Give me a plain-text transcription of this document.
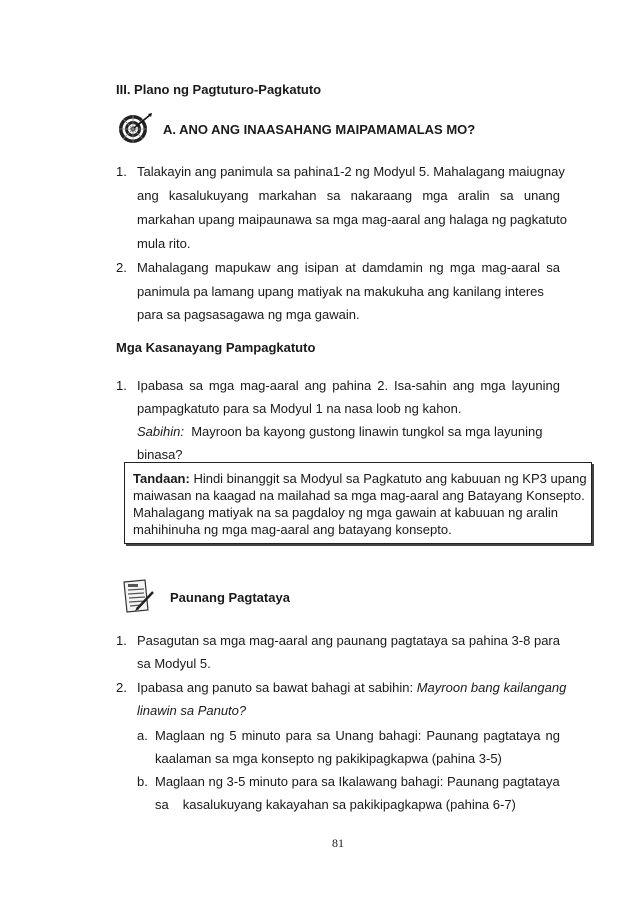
III. Plano ng Pagtuturo-Pagkatuto
A. ANO ANG INAASAHANG MAIPAMAMALAS MO?
1. Talakayin ang panimula sa pahina1-2 ng Modyul 5. Mahalagang maiugnay
ang kasalukuyang markahan sa nakaraang mga aralin sa unang
markahan upang maipaunawa sa mga mag-aaral ang halaga ng pagkatuto
mula rito.
2. Mahalagang mapukaw ang isipan at damdamin ng mga mag-aaral sa
panimula pa lamang upang matiyak na makukuha ang kanilang interes
para sa pagsasagawa ng mga gawain.
Mga Kasanayang Pampagkatuto
1. Ipabasa sa mga mag-aaral ang pahina 2. Isa-sahin ang mga layuning
pampagkatuto para sa Modyul 1 na nasa loob ng kahon.
Sabihin: Mayroon ba kayong gustong linawin tungkol sa mga layuning
binasa?
Tandaan: Hindi binanggit sa Modyul sa Pagkatuto ang kabuuan ng KP3 upang
maiwasan na kaagad na mailahad sa mga mag-aaral ang Batayang Konsepto.
Mahalagang matiyak na sa pagdaloy ng mga gawain at kabuuan ng aralin
mahihinuha ng mga mag-aaral ang batayang konsepto.
Paunang Pagtataya
1. Pasagutan sa mga mag-aaral ang paunang pagtataya sa pahina 3-8 para
sa Modyul 5.
2. Ipabasa ang panuto sa bawat bahagi at sabihin: Mayroon bang kailangang
linawin sa Panuto?
a. Maglaan ng 5 minuto para sa Unang bahagi: Paunang pagtataya ng
kaalaman sa mga konsepto ng pakikipagkapwa (pahina 3-5)
b. Maglaan ng 3-5 minuto para sa Ikalawang bahagi: Paunang pagtataya
sa kasalukuyang kakayahan sa pakikipagkapwa (pahina 6-7)
81
